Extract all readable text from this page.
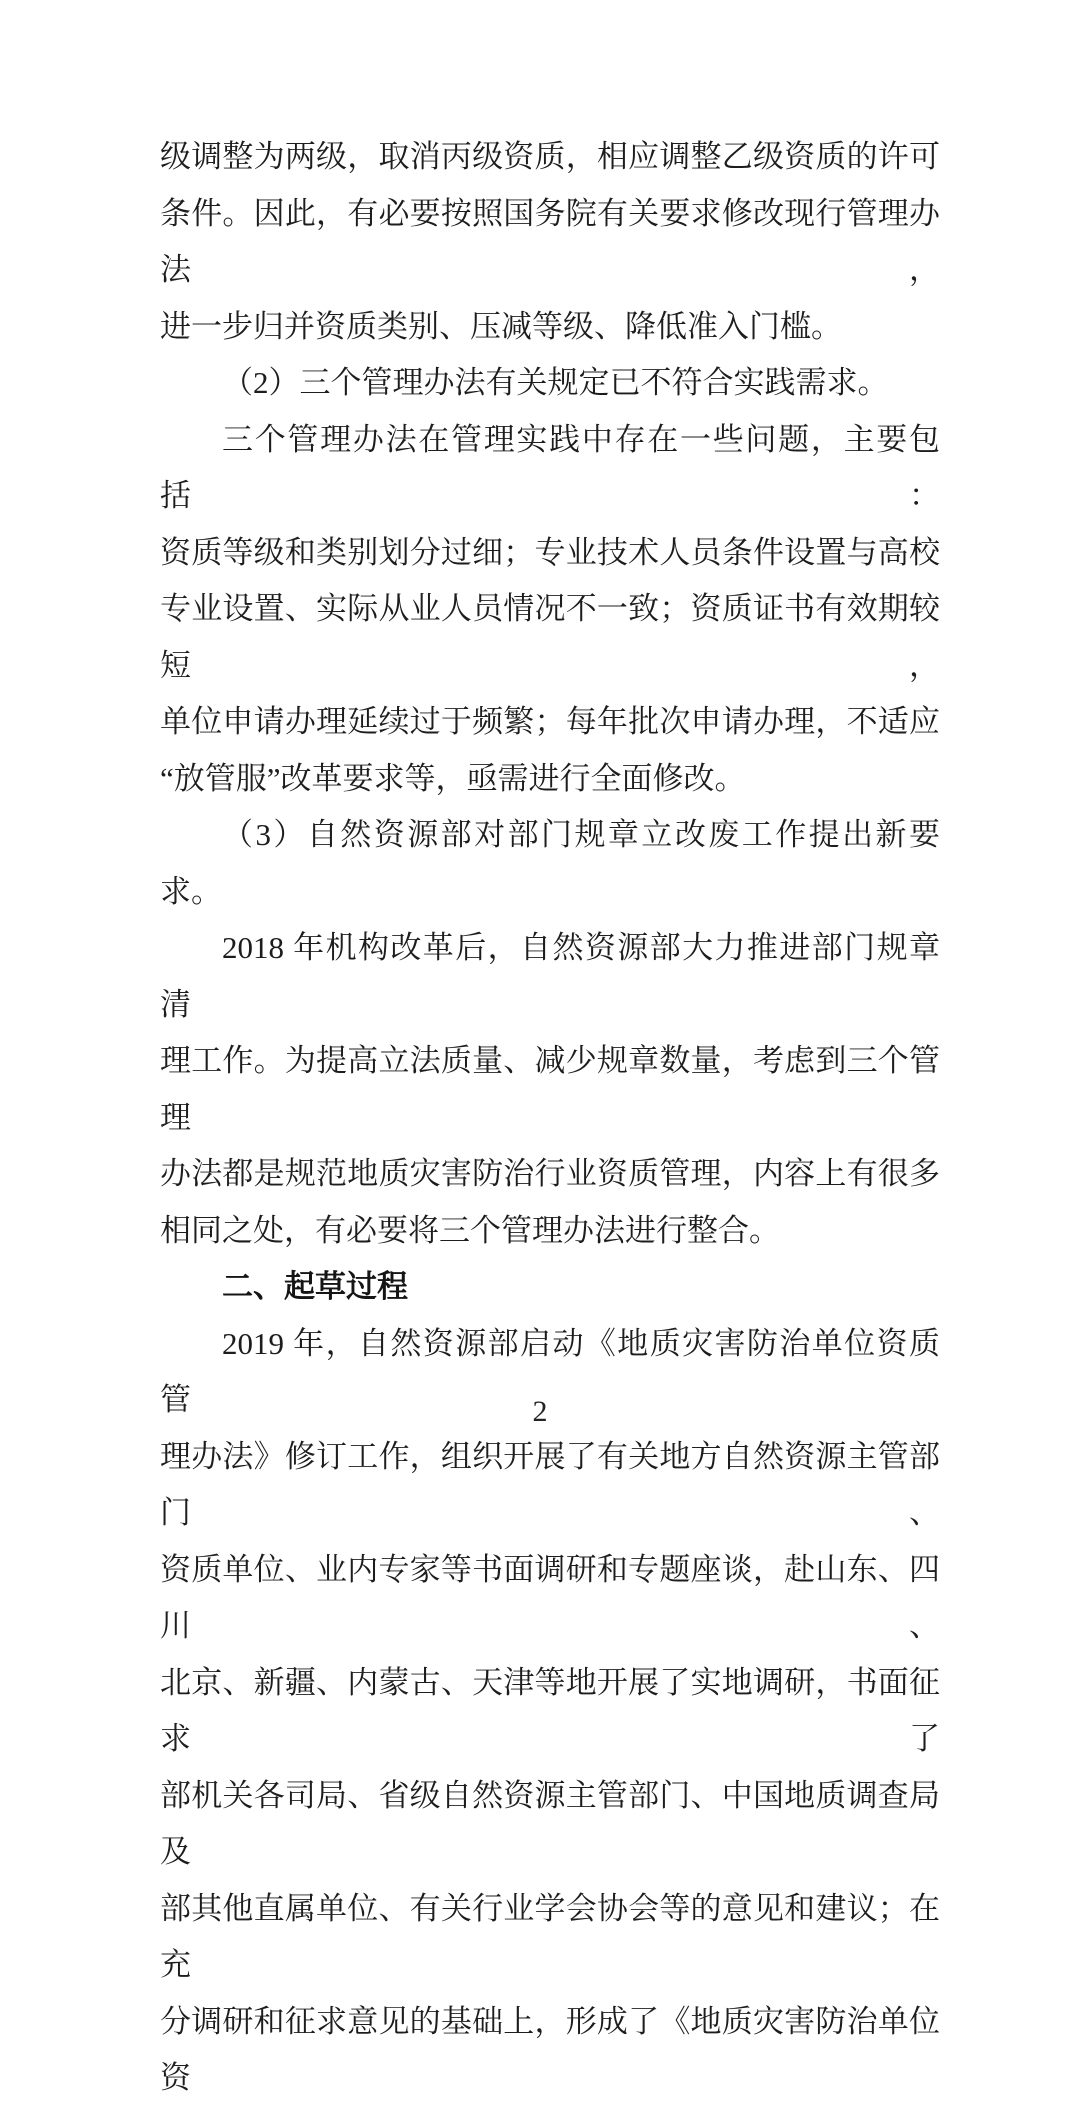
级调整为两级，取消丙级资质，相应调整乙级资质的许可
条件。因此，有必要按照国务院有关要求修改现行管理办法，
进一步归并资质类别、压减等级、降低准入门槛。
（2）三个管理办法有关规定已不符合实践需求。
三个管理办法在管理实践中存在一些问题，主要包括：
资质等级和类别划分过细；专业技术人员条件设置与高校
专业设置、实际从业人员情况不一致；资质证书有效期较短，
单位申请办理延续过于频繁；每年批次申请办理，不适应
“放管服”改革要求等，亟需进行全面修改。
（3）自然资源部对部门规章立改废工作提出新要求。
2018 年机构改革后，自然资源部大力推进部门规章清
理工作。为提高立法质量、减少规章数量，考虑到三个管理
办法都是规范地质灾害防治行业资质管理，内容上有很多
相同之处，有必要将三个管理办法进行整合。
二、起草过程
2019 年，自然资源部启动《地质灾害防治单位资质管
理办法》修订工作，组织开展了有关地方自然资源主管部门、
资质单位、业内专家等书面调研和专题座谈，赴山东、四川、
北京、新疆、内蒙古、天津等地开展了实地调研，书面征求了
部机关各司局、省级自然资源主管部门、中国地质调查局及
部其他直属单位、有关行业学会协会等的意见和建议；在充
分调研和征求意见的基础上，形成了《地质灾害防治单位资
2
